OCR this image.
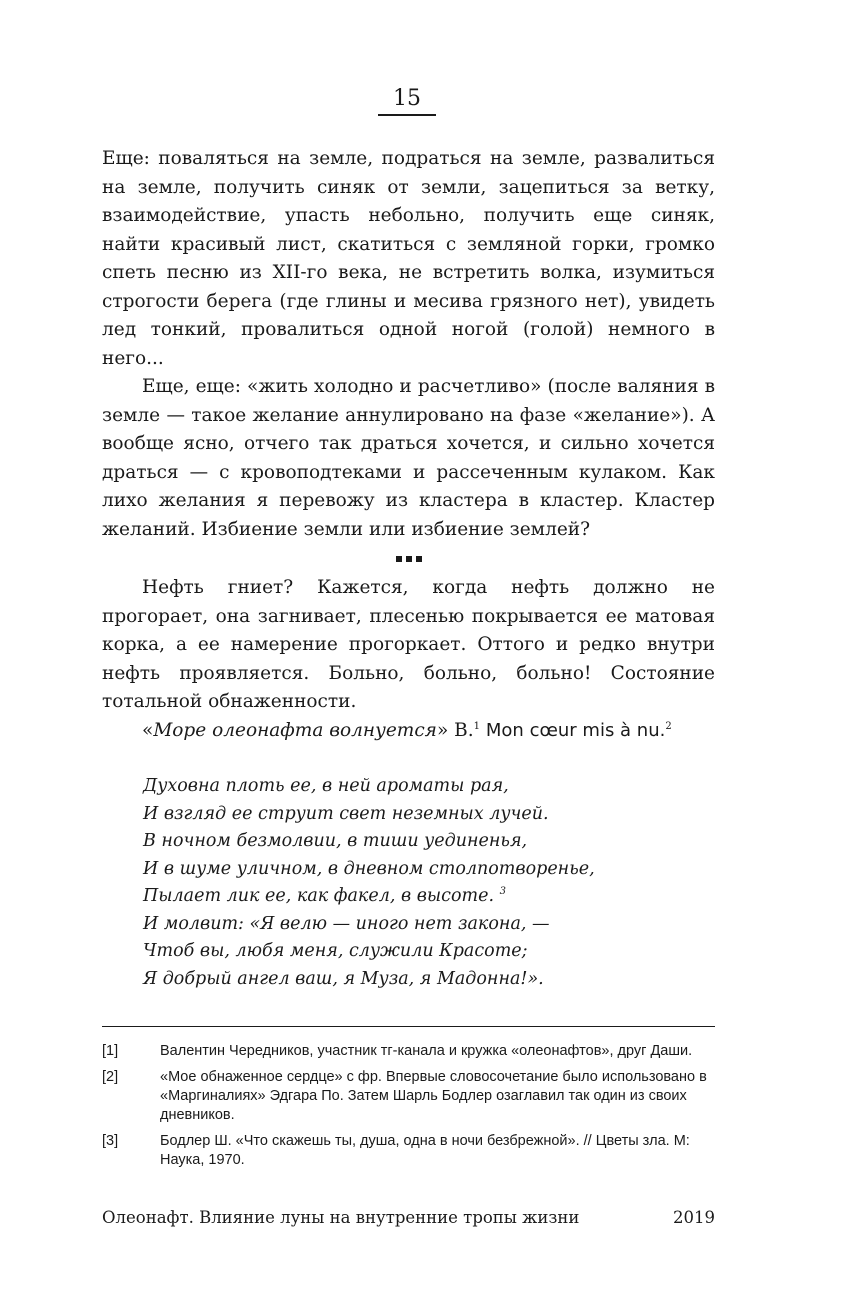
15

Еще: поваляться на земле, подраться на земле, развалиться на земле, получить синяк от земли, зацепиться за ветку, взаимодействие, упасть небольно, получить еще синяк, найти красивый лист, скатиться с земляной горки, громко спеть песню из XII-го века, не встретить волка, изумиться строгости берега (где глины и месива грязного нет), увидеть лед тонкий, провалиться одной ногой (голой) немного в него...

Еще, еще: «жить холодно и расчетливо» (после валяния в земле — такое желание аннулировано на фазе «желание»). А вообще ясно, отчего так драться хочется, и сильно хочется драться — с кровоподтеками и рассеченным кулаком. Как лихо желания я перевожу из кластера в кластер. Кластер желаний. Избиение земли или избиение землей?

Нефть гниет? Кажется, когда нефть должно не прогорает, она загнивает, плесенью покрывается ее матовая корка, а ее намерение прогоркает. Оттого и редко внутри нефть проявляется. Больно, больно, больно! Состояние тотальной обнаженности.

«Море олеонафта волнуется» В.$^1$ Mon cœur mis à nu.$^2$

Духовна плоть ее, в ней ароматы рая,

И взгляд ее струит свет неземных лучей.

В ночном безмолвии, в тиши уединенья,

И в шуме уличном, в дневном столпотворенье,

Пылает лик ее, как факел, в высоте. $^3$

И молвит: «Я велю — иного нет закона, —

Чтоб вы, любя меня, служили Красоте;

Я добрый ангел ваш, я Муза, я Мадонна!».

[1]	Валентин Чередников, участник тг-канала и кружка «олеонафтов», друг Даши.
[2]	«Мое обнаженное сердце» с фр. Впервые словосочетание было использовано в «Маргиналиях» Эдгара По. Затем Шарль Бодлер озаглавил так один из своих дневников.
[3]	Бодлер Ш. «Что скажешь ты, душа, одна в ночи безбрежной». // Цветы зла. М: Наука, 1970.
Олеонафт. Влияние луны на внутренние тропы жизни	2019
